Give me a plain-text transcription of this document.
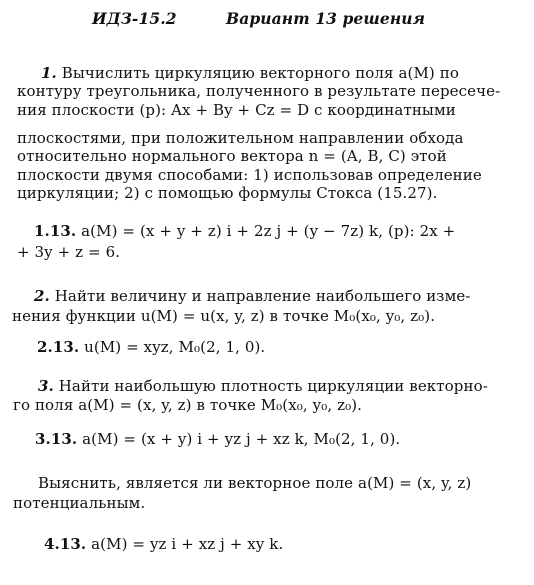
ИДЗ-15.2	Вариант 13 решения
1. Вычислить циркуляцию векторного поля a(M) по
контуру треугольника, полученного в результате пересече-
ния плоскости (p): Ax + By + Cz = D с координатными
плоскостями, при положительном направлении обхода
относительно нормального вектора n = (A, B, C) этой
плоскости двумя способами: 1) использовав определение
циркуляции; 2) с помощью формулы Стокса (15.27).
1.13. a(M) = (x + y + z) i + 2z j + (y − 7z) k, (p): 2x +
+ 3y + z = 6.
2. Найти величину и направление наибольшего изме-
нения функции u(M) = u(x, y, z) в точке M₀(x₀, y₀, z₀).
2.13. u(M) = xyz, M₀(2, 1, 0).
3. Найти наибольшую плотность циркуляции векторно-
го поля a(M) = (x, y, z) в точке M₀(x₀, y₀, z₀).
3.13. a(M) = (x + y) i + yz j + xz k, M₀(2, 1, 0).
Выяснить, является ли векторное поле a(M) = (x, y, z)
потенциальным.
4.13. a(M) = yz i + xz j + xy k.
